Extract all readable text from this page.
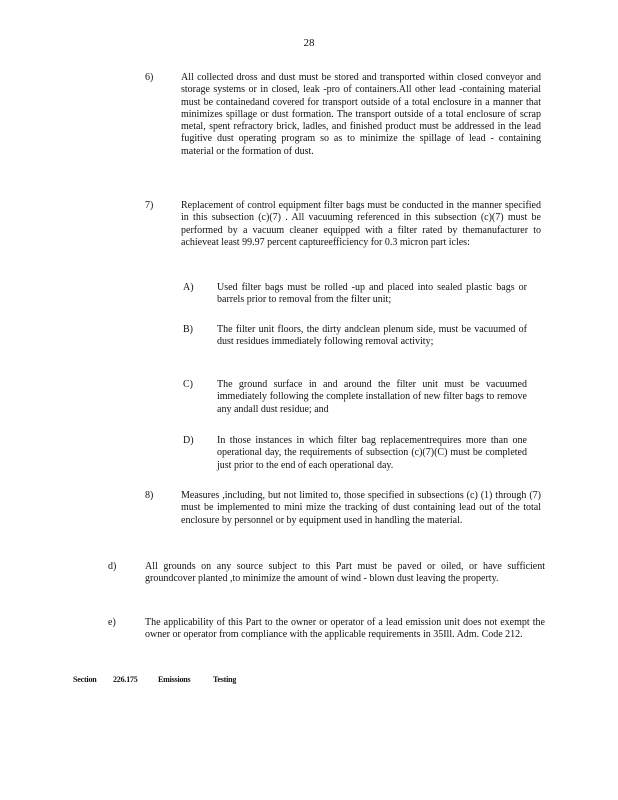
28
6)	All collected dross and dust must be stored and transported within closed conveyor and storage systems or in closed, leak -pro of containers.All other lead -containing material must be containedand covered for transport outside of a total enclosure in a manner that minimizes spillage or dust formation. The transport outside of a total enclosure of scrap metal, spent refractory brick, ladles, and finished product must be addressed in the lead fugitive dust operating program so as to minimize the spillage of lead - containing material or the formation of dust.

7)	Replacement of control equipment filter bags must be conducted in the manner specified in this subsection (c)(7) . All vacuuming referenced in this subsection (c)(7) must be performed by a vacuum cleaner equipped with a filter rated by themanufacturer to achieveat least 99.97 percent captureefficiency for 0.3 micron part icles:

A) Used filter bags must be rolled -up and placed into sealed plastic bags or barrels prior to removal from the filter unit;

B) The filter unit floors, the dirty andclean plenum side, must be vacuumed of dust residues immediately following removal activity;

C) The ground surface in and around the filter unit must be vacuumed immediately following the complete installation of new filter bags to remove any andall dust residue; and

D) In those instances in which filter bag replacementrequires more than one operational day, the requirements of subsection (c)(7)(C) must be completed just prior to the end of each operational day.

8)	Measures ,including, but not limited to, those specified in subsections (c) (1) through (7) must be implemented to mini mize the tracking of dust containing lead out of the total enclosure by personnel or by equipment used in handling the material.

d)	All grounds on any source subject to this Part must be paved or oiled, or have sufficient groundcover planted ,to minimize the amount of wind - blown dust leaving the property.

e)	The applicability of this Part to the owner or operator of a lead emission unit does not exempt the owner or operator from compliance with the applicable requirements in 35Ill. Adm. Code 212.

Section 226.175	Emissions	Testing
